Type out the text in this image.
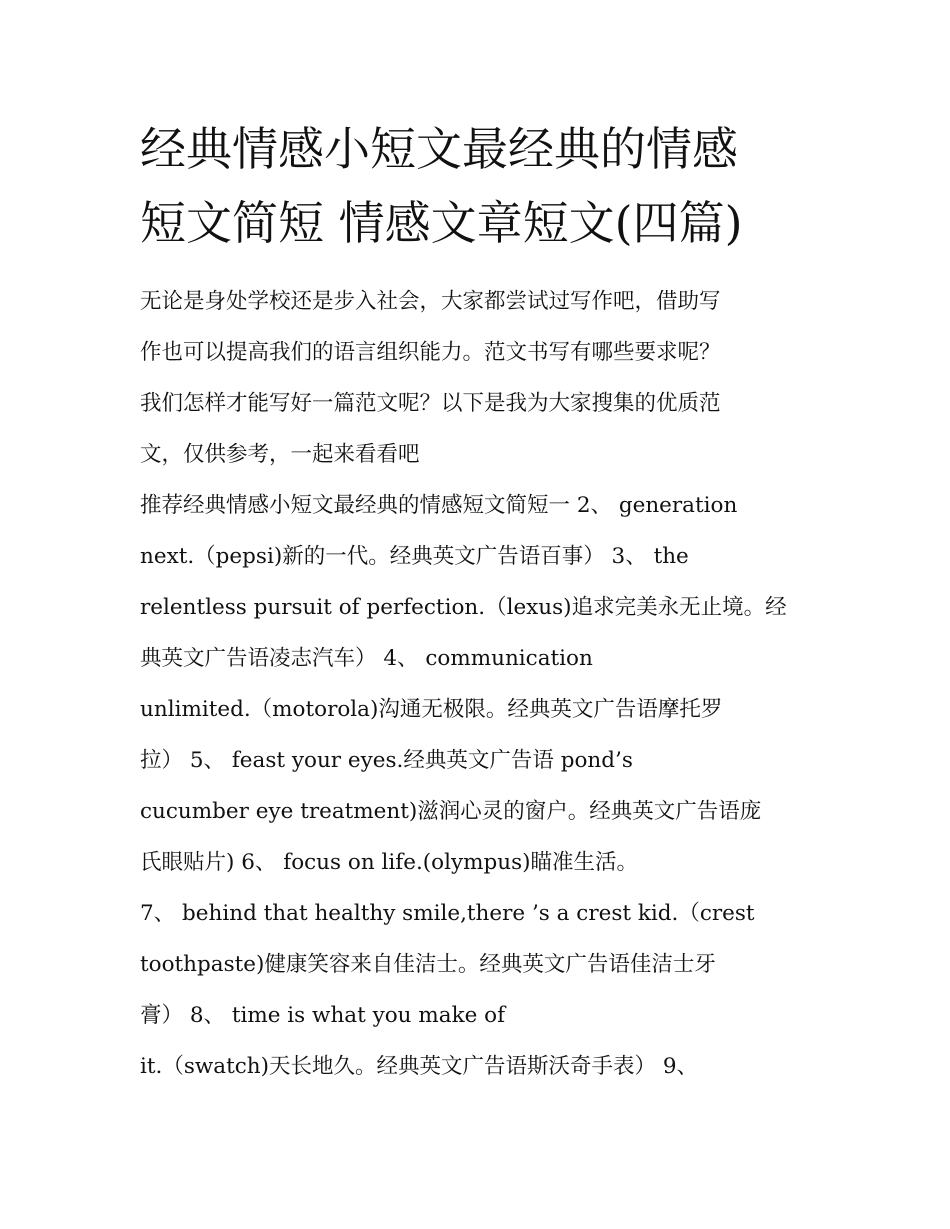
经典情感小短文最经典的情感
短文简短 情感文章短文(四篇)
无论是身处学校还是步入社会，大家都尝试过写作吧，借助写
作也可以提高我们的语言组织能力。范文书写有哪些要求呢？
我们怎样才能写好一篇范文呢？以下是我为大家搜集的优质范
文，仅供参考，一起来看看吧
推荐经典情感小短文最经典的情感短文简短一 2、 generation
next.（pepsi)新的一代。经典英文广告语百事） 3、 the
relentless pursuit of perfection.（lexus)追求完美永无止境。经
典英文广告语凌志汽车） 4、 communication
unlimited.（motorola)沟通无极限。经典英文广告语摩托罗
拉） 5、 feast your eyes.经典英文广告语 pond’s
cucumber eye treatment)滋润心灵的窗户。经典英文广告语庞
氏眼贴片) 6、 focus on life.(olympus)瞄准生活。
7、 behind that healthy smile,there ’s a crest kid.（crest
toothpaste)健康笑容来自佳洁士。经典英文广告语佳洁士牙
膏） 8、 time is what you make of
it.（swatch)天长地久。经典英文广告语斯沃奇手表） 9、
